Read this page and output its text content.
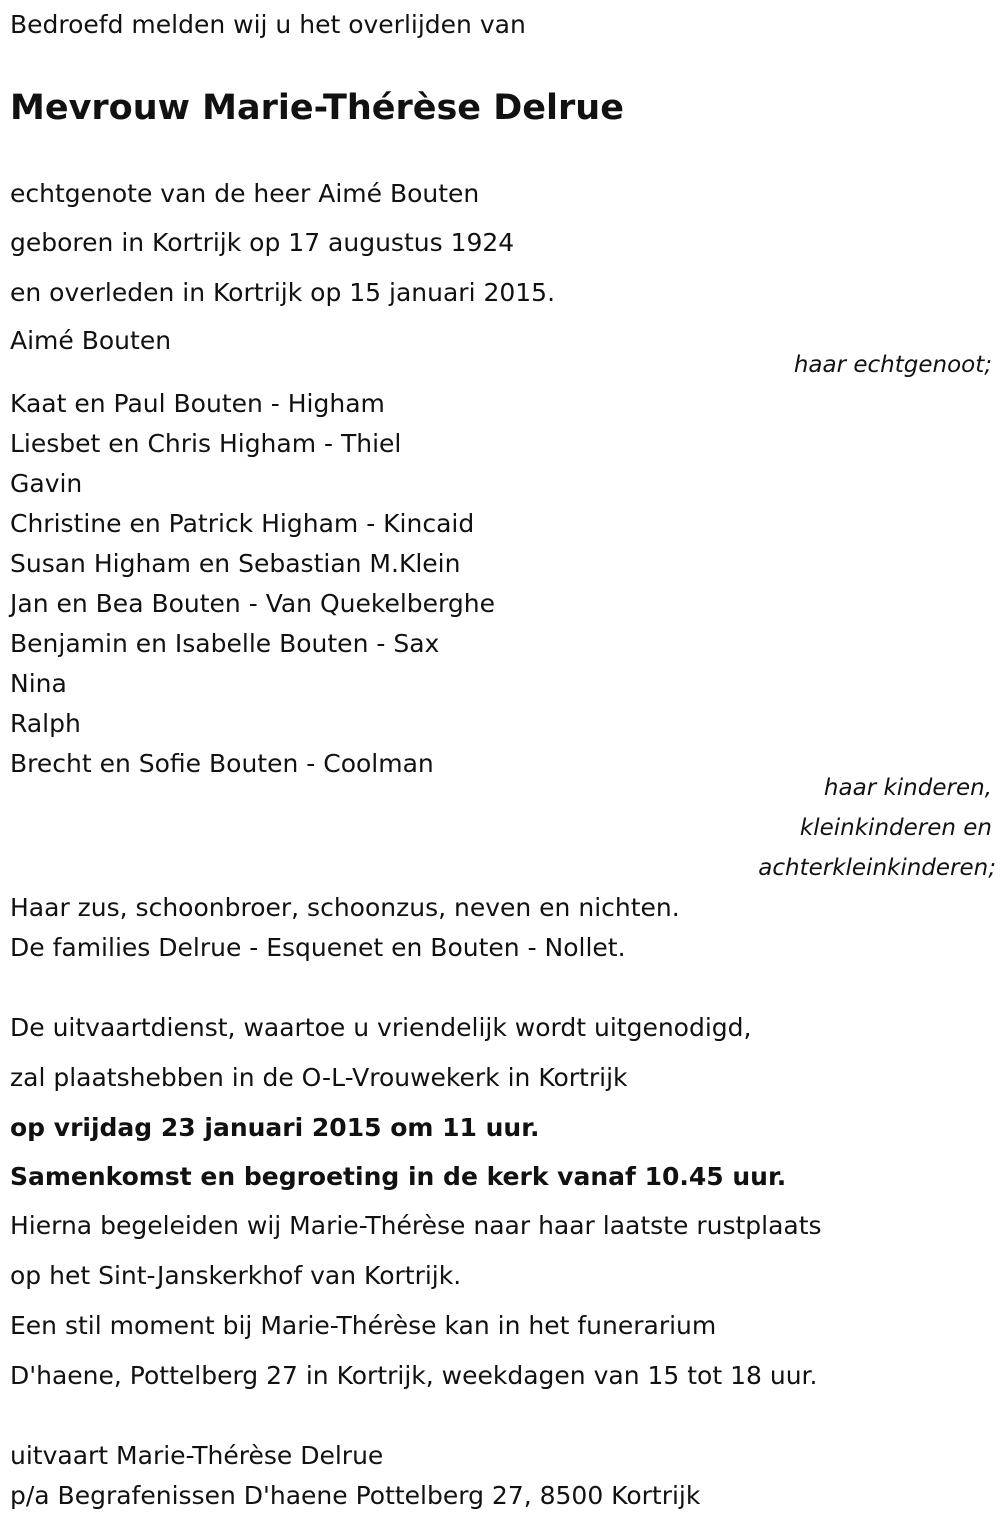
Bedroefd melden wij u het overlijden van
Mevrouw Marie-Thérèse Delrue
echtgenote van de heer Aimé Bouten
geboren in Kortrijk op 17 augustus 1924
en overleden in Kortrijk op 15 januari 2015.
Aimé Bouten
haar echtgenoot;
Kaat en Paul Bouten - Higham
Liesbet en Chris Higham - Thiel
Gavin
Christine en Patrick Higham - Kincaid
Susan Higham en Sebastian M.Klein
Jan en Bea Bouten - Van Quekelberghe
Benjamin en Isabelle Bouten - Sax
Nina
Ralph
Brecht en Sofie Bouten - Coolman
haar kinderen,
kleinkinderen en
achterkleinkinderen;
Haar zus, schoonbroer, schoonzus, neven en nichten.
De families Delrue - Esquenet en Bouten - Nollet.
De uitvaartdienst, waartoe u vriendelijk wordt uitgenodigd,
zal plaatshebben in de O-L-Vrouwekerk in Kortrijk
op vrijdag 23 januari 2015 om 11 uur.
Samenkomst en begroeting in de kerk vanaf 10.45 uur.
Hierna begeleiden wij Marie-Thérèse naar haar laatste rustplaats
op het Sint-Janskerkhof van Kortrijk.
Een stil moment bij Marie-Thérèse kan in het funerarium
D'haene, Pottelberg 27 in Kortrijk, weekdagen van 15 tot 18 uur.
uitvaart Marie-Thérèse Delrue
p/a Begrafenissen D'haene Pottelberg 27, 8500 Kortrijk
